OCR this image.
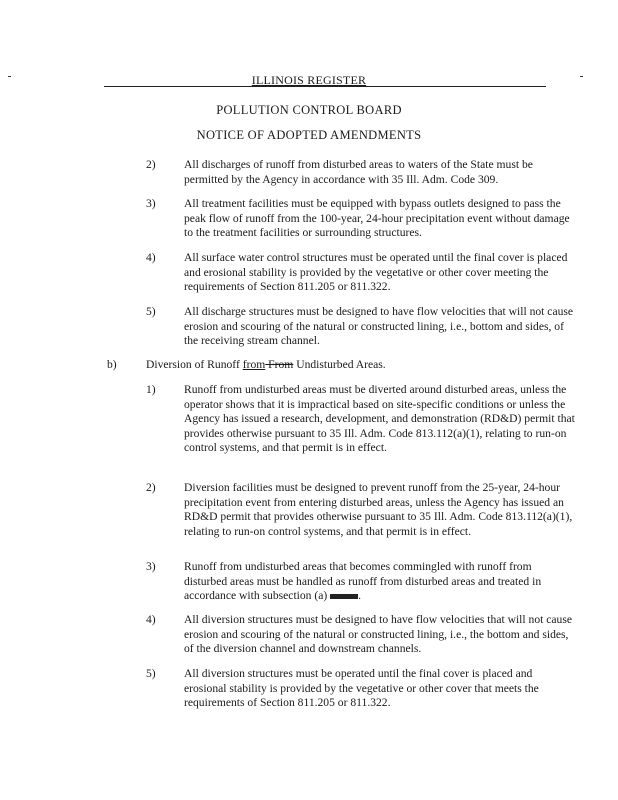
ILLINOIS REGISTER
POLLUTION CONTROL BOARD
NOTICE OF ADOPTED AMENDMENTS
2) All discharges of runoff from disturbed areas to waters of the State must be permitted by the Agency in accordance with 35 Ill. Adm. Code 309.
3) All treatment facilities must be equipped with bypass outlets designed to pass the peak flow of runoff from the 100-year, 24-hour precipitation event without damage to the treatment facilities or surrounding structures.
4) All surface water control structures must be operated until the final cover is placed and erosional stability is provided by the vegetative or other cover meeting the requirements of Section 811.205 or 811.322.
5) All discharge structures must be designed to have flow velocities that will not cause erosion and scouring of the natural or constructed lining, i.e., bottom and sides, of the receiving stream channel.
b)	Diversion of Runoff from From Undisturbed Areas.
1) Runoff from undisturbed areas must be diverted around disturbed areas, unless the operator shows that it is impractical based on site-specific conditions or unless the Agency has issued a research, development, and demonstration (RD&D) permit that provides otherwise pursuant to 35 Ill. Adm. Code 813.112(a)(1), relating to run-on control systems, and that permit is in effect.
2) Diversion facilities must be designed to prevent runoff from the 25-year, 24-hour precipitation event from entering disturbed areas, unless the Agency has issued an RD&D permit that provides otherwise pursuant to 35 Ill. Adm. Code 813.112(a)(1), relating to run-on control systems, and that permit is in effect.
3) Runoff from undisturbed areas that becomes commingled with runoff from disturbed areas must be handled as runoff from disturbed areas and treated in accordance with subsection (a)	.
4) All diversion structures must be designed to have flow velocities that will not cause erosion and scouring of the natural or constructed lining, i.e., the bottom and sides, of the diversion channel and downstream channels.
5) All diversion structures must be operated until the final cover is placed and erosional stability is provided by the vegetative or other cover that meets the requirements of Section 811.205 or 811.322.
